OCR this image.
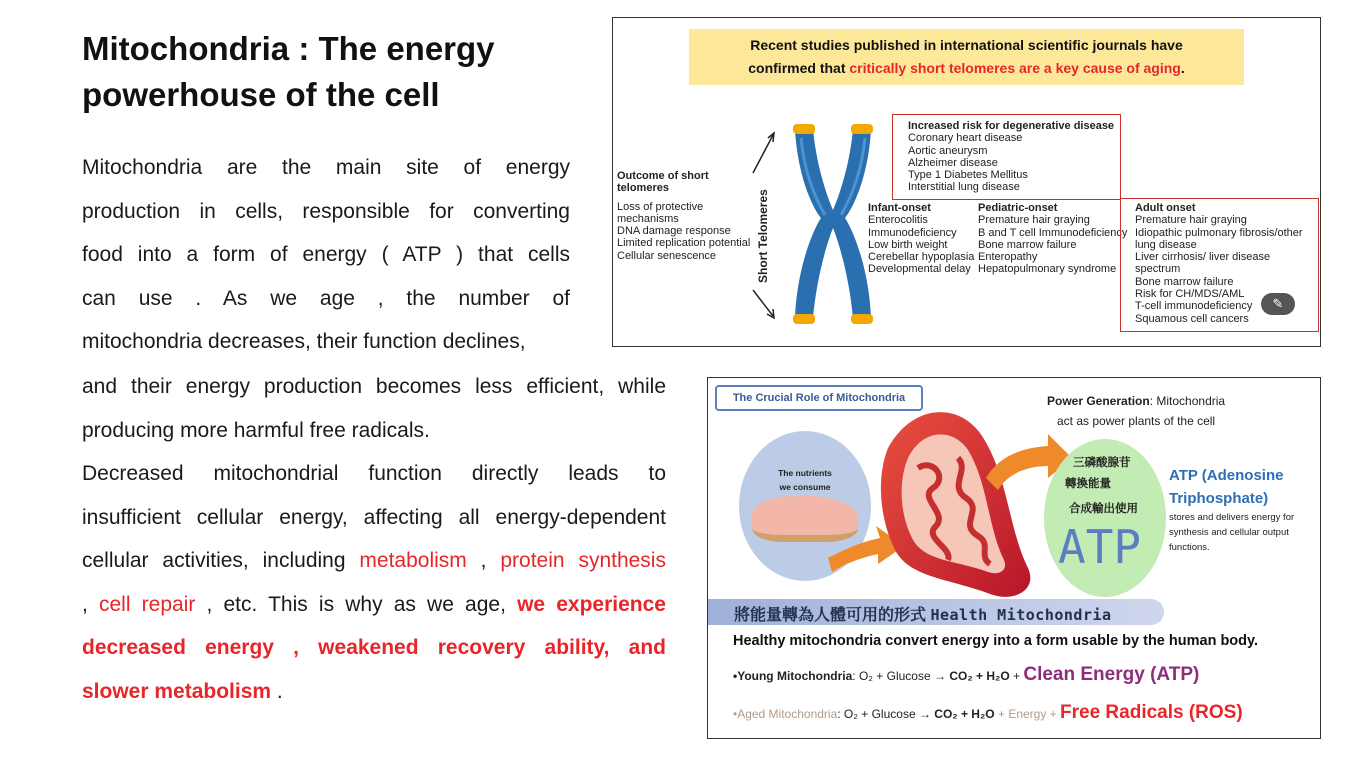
Mitochondria : The energy powerhouse of the cell
Mitochondria are the main site of energy
production in cells, responsible for converting
food into a form of energy ( ATP ) that cells
can use . As we age , the number of
mitochondria decreases, their function declines,
and their energy production becomes less efficient, while
producing more harmful free radicals.
Decreased mitochondrial function directly leads to
insufficient cellular energy, affecting all energy-dependent
cellular activities, including metabolism , protein synthesis
, cell repair , etc. This is why as we age, we experience
decreased energy , weakened recovery ability, and
slower metabolism .
Recent studies published in international scientific journals have
confirmed that critically short telomeres are a key cause of aging.
Short Telomeres
Outcome of short
telomeres
Loss of protective
mechanisms
DNA damage response
Limited replication potential
Cellular senescence
Increased risk for degenerative disease
Coronary heart disease
Aortic aneurysm
Alzheimer disease
Type 1 Diabetes Mellitus
Interstitial lung disease
Infant-onset
Enterocolitis
Immunodeficiency
Low birth weight
Cerebellar hypoplasia
Developmental delay
Pediatric-onset
Premature hair graying
B and T cell Immunodeficiency
Bone marrow failure
Enteropathy
Hepatopulmonary syndrome
Adult onset
Premature hair graying
Idiopathic pulmonary fibrosis/other
lung disease
Liver cirrhosis/ liver disease
spectrum
Bone marrow failure
Risk for CH/MDS/AML
T-cell immunodeficiency
Squamous cell cancers
✎
The Crucial Role of Mitochondria	Power Generation: Mitochondria
act as power plants of the cell
The nutrients
we consume
三磷酸腺苷
轉換能量
合成輸出使用
ATP
ATP (Adenosine
Triphosphate)
stores and delivers energy for synthesis and cellular output functions.
將能量轉為人體可用的形式 Health Mitochondria
Healthy mitochondria convert energy into a form usable by the human body.
•Young Mitochondria: O₂ + Glucose → CO₂ + H₂O + Clean Energy (ATP)
•Aged Mitochondria: O₂ + Glucose → CO₂ + H₂O + Energy + Free Radicals (ROS)
